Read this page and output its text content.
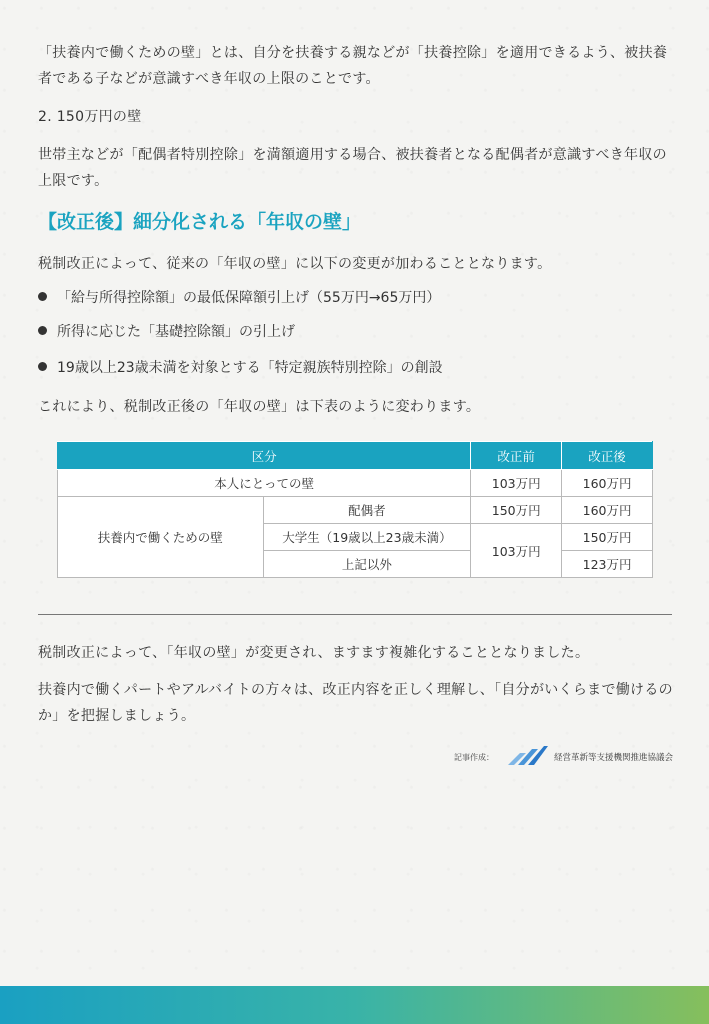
「扶養内で働くための壁」とは、自分を扶養する親などが「扶養控除」を適用できるよう、被扶養者である子などが意識すべき年収の上限のことです。

2. 150万円の壁

世帯主などが「配偶者特別控除」を満額適用する場合、被扶養者となる配偶者が意識すべき年収の上限です。

【改正後】細分化される「年収の壁」

税制改正によって、従来の「年収の壁」に以下の変更が加わることとなります。

「給与所得控除額」の最低保障額引上げ（55万円→65万円）
所得に応じた「基礎控除額」の引上げ
19歳以上23歳未満を対象とする「特定親族特別控除」の創設

これにより、税制改正後の「年収の壁」は下表のように変わります。

区分		改正前	改正後
本人にとっての壁		103万円	160万円
扶養内で働くための壁	配偶者	150万円	160万円
	大学生（19歳以上23歳未満）	103万円	150万円
	上記以外		123万円

税制改正によって、「年収の壁」が変更され、ますます複雑化することとなりました。

扶養内で働くパートやアルバイトの方々は、改正内容を正しく理解し、「自分がいくらまで働けるのか」を把握しましょう。

記事作成：	経営革新等支援機関推進協議会
